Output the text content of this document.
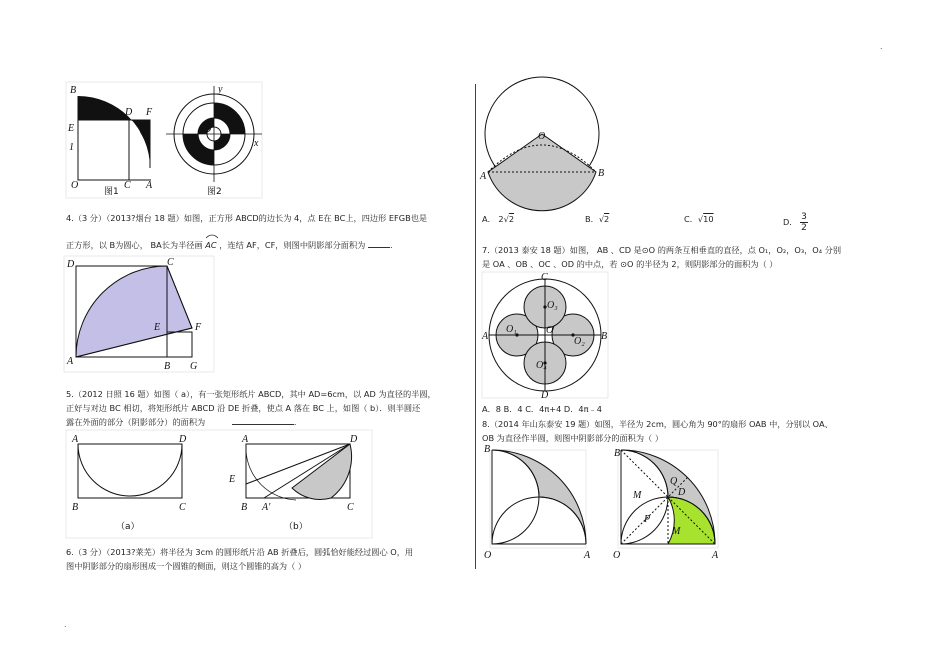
.
.
B
D F
E
1
O	C A
图1
y
x
O
图2
4.（3 分）（2013?烟台 18 题）如图，正方形 ABCD的边长为 4，点 E在 BC上，四边形 EFGB也是
正方形，以 B为圆心， BA长为半径画 AC ，连结 AF，CF，则图中阴影部分面积为	.
D	C
E	F
A	B G
5.（2012 日照 16 题）如图（ a），有一张矩形纸片 ABCD，其中 AD=6cm，以 AD 为直径的半圆，
正好与对边 BC 相切，将矩形纸片 ABCD 沿 DE 折叠，使点 A 落在 BC 上，如图（ b）．则半圆还
露在外面的部分（阴影部分）的面积为	.
A	D
B	C
（a）
A	D
E
B A'	C
（b）
6.（3 分）（2013?莱芜）将半径为 3cm 的圆形纸片沿 AB 折叠后，圆弧恰好能经过圆心 O，用
图中阴影部分的扇形围成一个圆锥的侧面，则这个圆锥的高为（ ）
O
A	B
A． 2√2	B．√2	C．√10	D． $\frac{3}{2}$
7.（2013 泰安 18 题）如图， AB 、CD 是⊙O 的两条互相垂直的直径，点 O₁，O₂，O₃，O₄ 分别
是 OA 、OB 、OC 、OD 的中点，若 ⊙O 的半径为 2，则阴影部分的面积为（ ）
C
D
A	B
O
O₁
O₂
O₃
O₄
A．8 B．4 C．4π+4 D．4π﹣4
8.（2014 年山东泰安 19 题）如图，半径为 2cm，圆心角为 90°的扇形 OAB 中，分别以 OA、
OB 为直径作半圆，则图中阴影部分的面积为（ ）
B
O	A
B
Q
D
M
P
M
O	A
